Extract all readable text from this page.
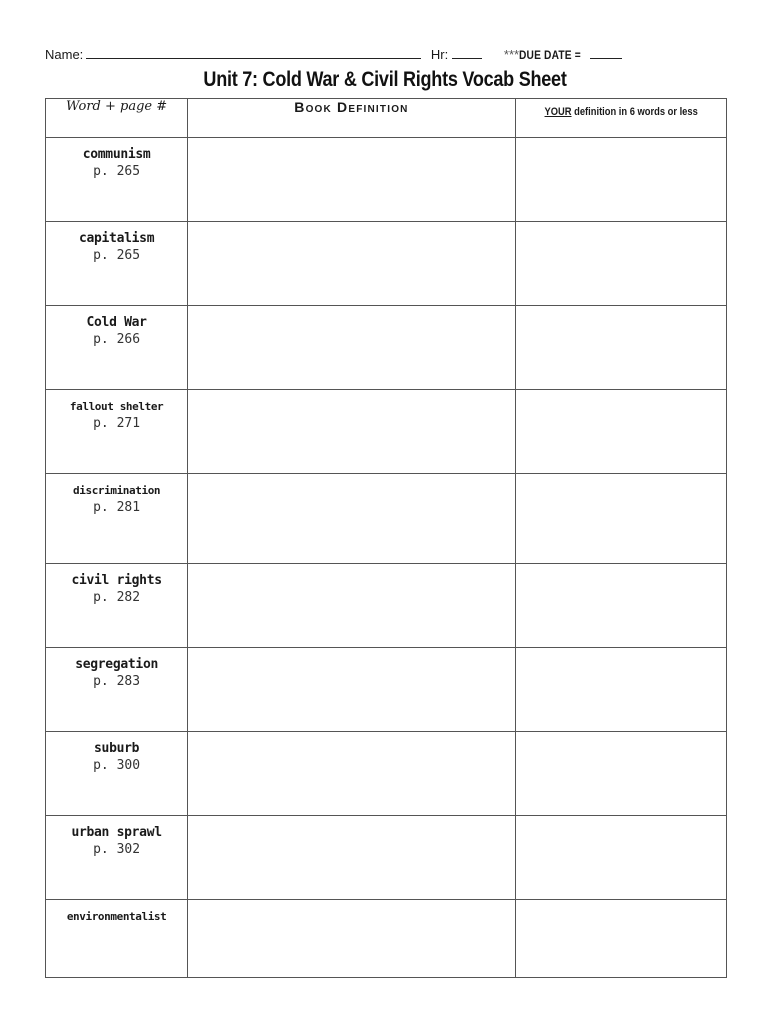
Name:	Hr:	***DUE DATE =
Unit 7: Cold War & Civil Rights Vocab Sheet
Word + page #	Book Definition	YOUR definition in 6 words or less

communism
p. 265		

capitalism
p. 265		

Cold War
p. 266		

fallout shelter
p. 271		

discrimination
p. 281		

civil rights
p. 282		

segregation
p. 283		

suburb
p. 300		

urban sprawl
p. 302		

environmentalist		
